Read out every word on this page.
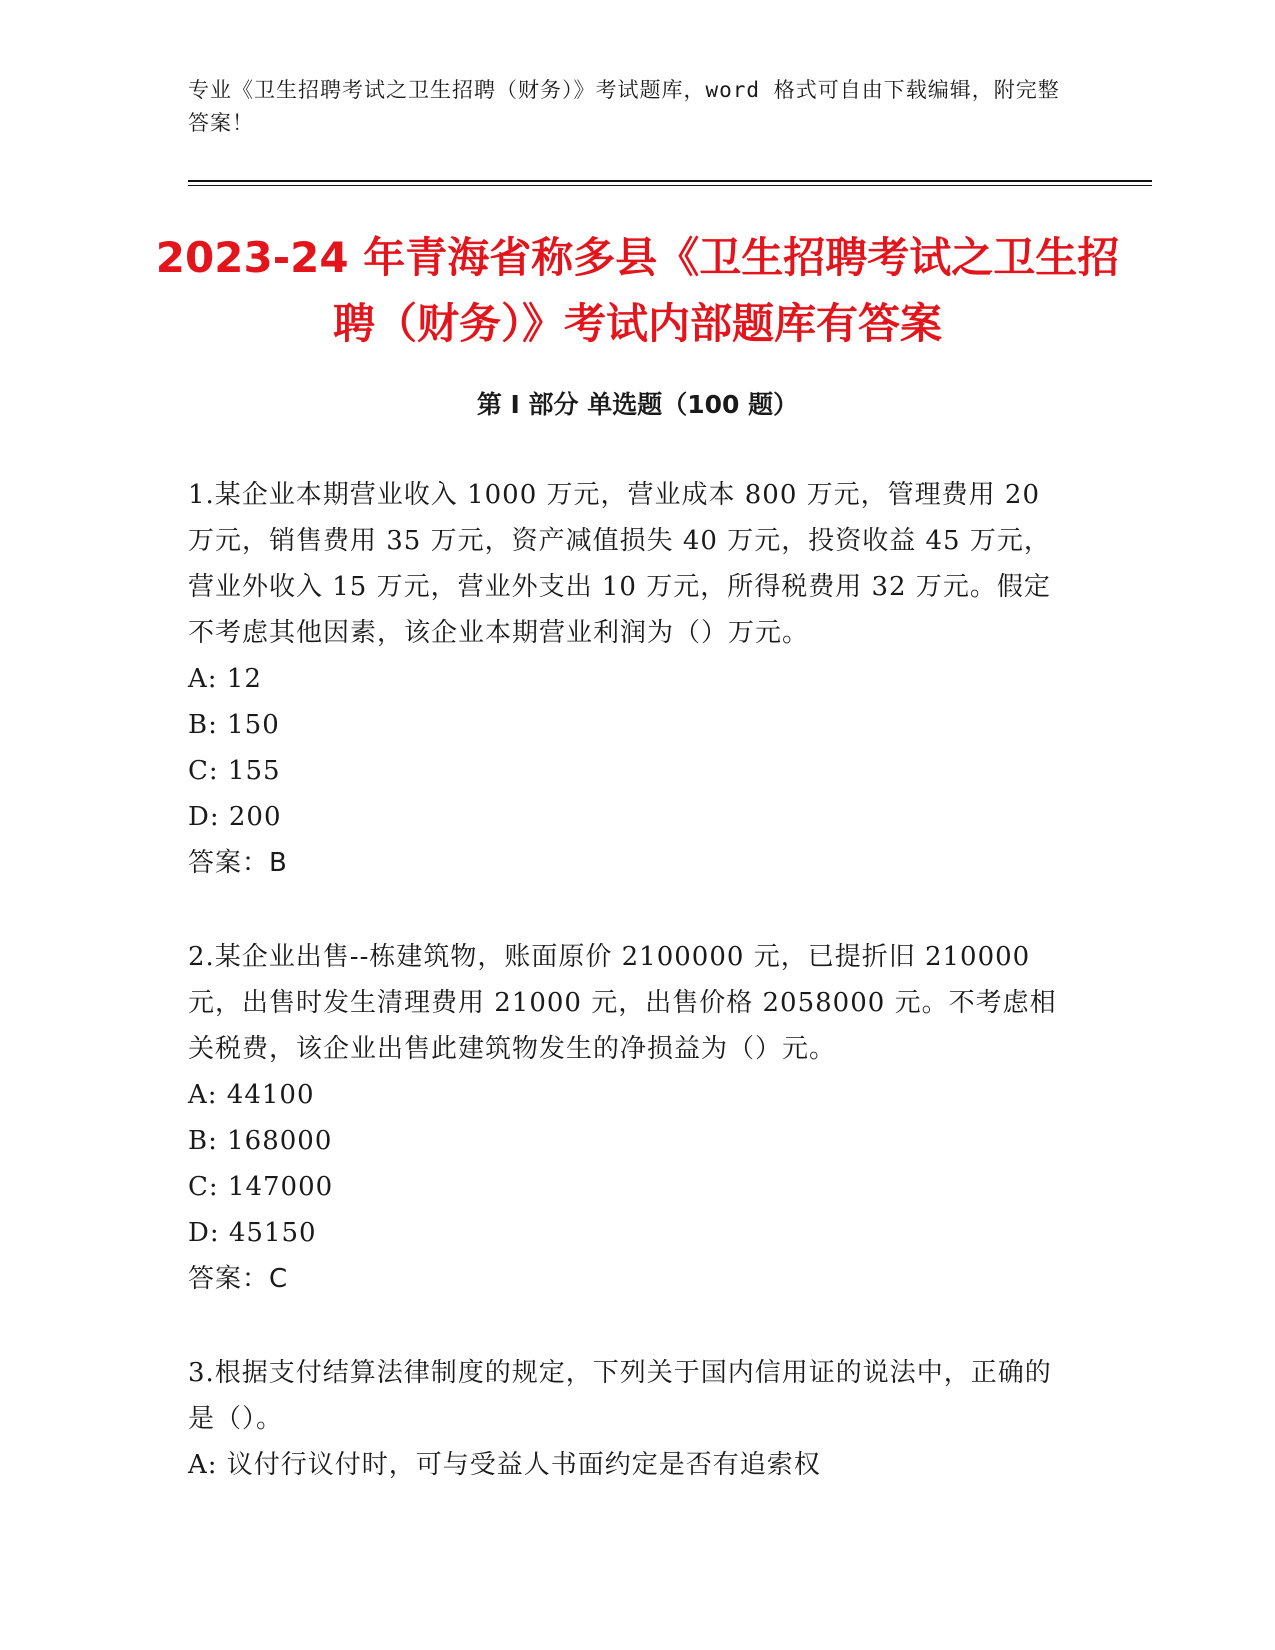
专业《卫生招聘考试之卫生招聘（财务）》考试题库，word 格式可自由下载编辑，附完整答案！
2023-24 年青海省称多县《卫生招聘考试之卫生招聘（财务）》考试内部题库有答案
第 I 部分 单选题（100 题）

1.某企业本期营业收入 1000 万元，营业成本 800 万元，管理费用 20 万元，销售费用 35 万元，资产减值损失 40 万元，投资收益 45 万元，营业外收入 15 万元，营业外支出 10 万元，所得税费用 32 万元。假定不考虑其他因素，该企业本期营业利润为（）万元。

A: 12

B: 150

C: 155

D: 200

答案：B

2.某企业出售--栋建筑物，账面原价 2100000 元，已提折旧 210000 元，出售时发生清理费用 21000 元，出售价格 2058000 元。不考虑相关税费，该企业出售此建筑物发生的净损益为（）元。

A: 44100

B: 168000

C: 147000

D: 45150

答案：C

3.根据支付结算法律制度的规定，下列关于国内信用证的说法中，正确的是（）。

A: 议付行议付时，可与受益人书面约定是否有追索权
